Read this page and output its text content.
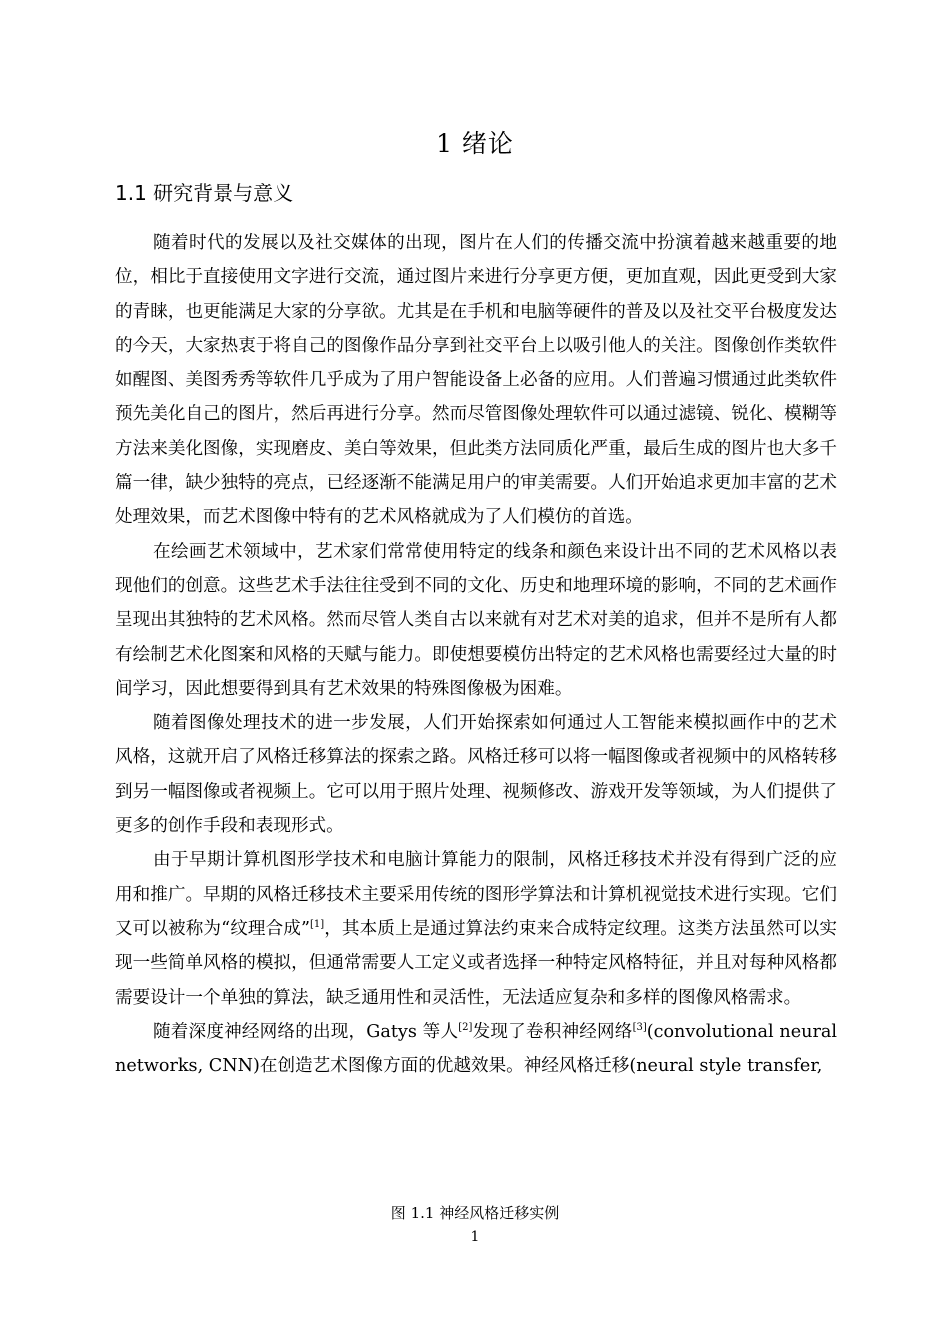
1 绪论
1.1 研究背景与意义

随着时代的发展以及社交媒体的出现，图片在人们的传播交流中扮演着越来越重要的地位，相比于直接使用文字进行交流，通过图片来进行分享更方便，更加直观，因此更受到大家的青睐，也更能满足大家的分享欲。尤其是在手机和电脑等硬件的普及以及社交平台极度发达的今天，大家热衷于将自己的图像作品分享到社交平台上以吸引他人的关注。图像创作类软件如醒图、美图秀秀等软件几乎成为了用户智能设备上必备的应用。人们普遍习惯通过此类软件预先美化自己的图片，然后再进行分享。然而尽管图像处理软件可以通过滤镜、锐化、模糊等方法来美化图像，实现磨皮、美白等效果，但此类方法同质化严重，最后生成的图片也大多千篇一律，缺少独特的亮点，已经逐渐不能满足用户的审美需要。人们开始追求更加丰富的艺术处理效果，而艺术图像中特有的艺术风格就成为了人们模仿的首选。

在绘画艺术领域中，艺术家们常常使用特定的线条和颜色来设计出不同的艺术风格以表现他们的创意。这些艺术手法往往受到不同的文化、历史和地理环境的影响，不同的艺术画作呈现出其独特的艺术风格。然而尽管人类自古以来就有对艺术对美的追求，但并不是所有人都有绘制艺术化图案和风格的天赋与能力。即使想要模仿出特定的艺术风格也需要经过大量的时间学习，因此想要得到具有艺术效果的特殊图像极为困难。

随着图像处理技术的进一步发展，人们开始探索如何通过人工智能来模拟画作中的艺术风格，这就开启了风格迁移算法的探索之路。风格迁移可以将一幅图像或者视频中的风格转移到另一幅图像或者视频上。它可以用于照片处理、视频修改、游戏开发等领域，为人们提供了更多的创作手段和表现形式。

由于早期计算机图形学技术和电脑计算能力的限制，风格迁移技术并没有得到广泛的应用和推广。早期的风格迁移技术主要采用传统的图形学算法和计算机视觉技术进行实现。它们又可以被称为“纹理合成”[1]，其本质上是通过算法约束来合成特定纹理。这类方法虽然可以实现一些简单风格的模拟，但通常需要人工定义或者选择一种特定风格特征，并且对每种风格都需要设计一个单独的算法，缺乏通用性和灵活性，无法适应复杂和多样的图像风格需求。

随着深度神经网络的出现，Gatys 等人[2]发现了卷积神经网络[3](convolutional neural networks, CNN)在创造艺术图像方面的优越效果。神经风格迁移(neural style transfer,

图 1.1 神经风格迁移实例
1
